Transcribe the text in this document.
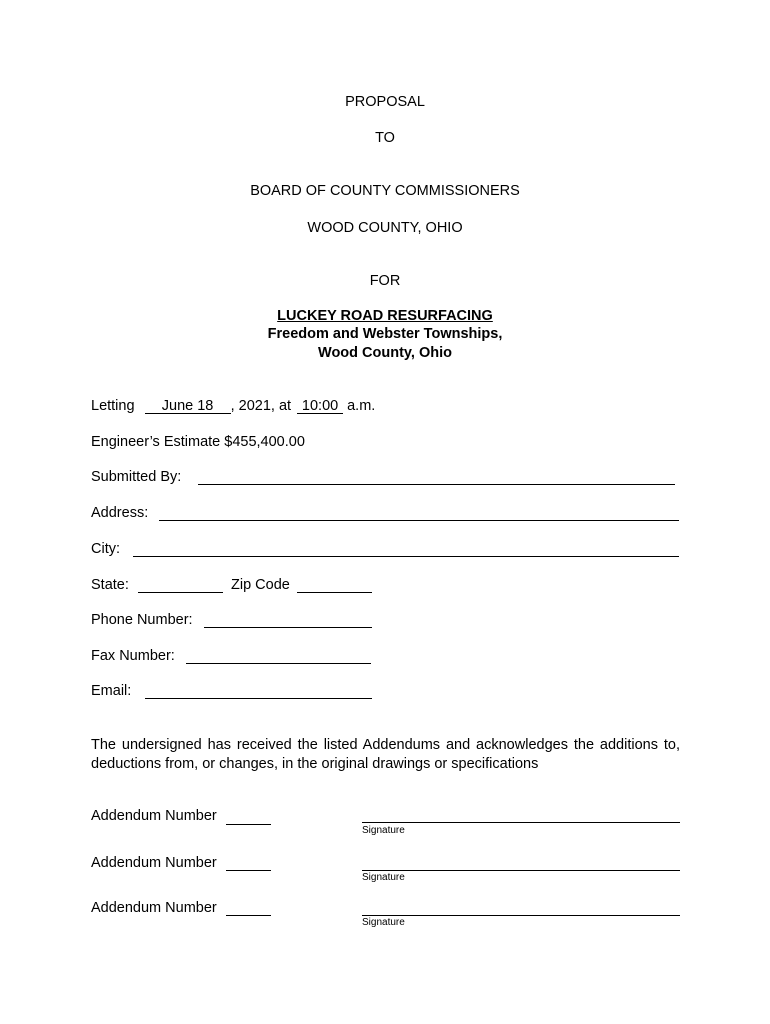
PROPOSAL
TO
BOARD OF COUNTY COMMISSIONERS
WOOD COUNTY, OHIO
FOR
LUCKEY ROAD RESURFACING
Freedom and Webster Townships,
Wood County, Ohio
Letting June 18 , 2021, at 10:00 a.m.
Engineer’s Estimate $455,400.00
Submitted By:
Address:
City:
State:	Zip Code
Phone Number:
Fax Number:
Email:
The undersigned has received the listed Addendums and acknowledges the additions to, deductions from, or changes, in the original drawings or specifications
Addendum Number
Signature
Addendum Number
Signature
Addendum Number
Signature
